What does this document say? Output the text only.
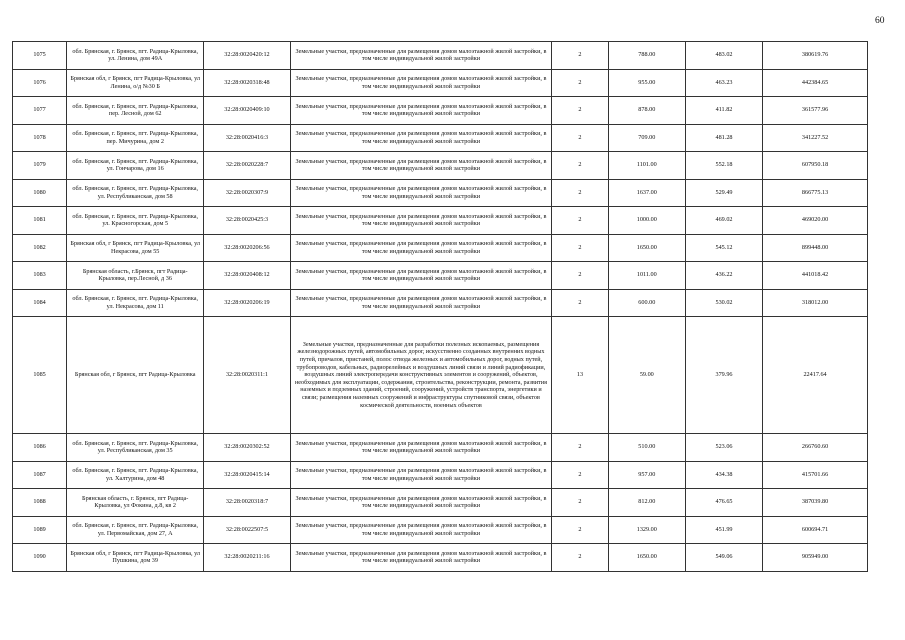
60
1075	обл. Брянская, г. Брянск, пгт. Радица-Крыловка, ул. Ленина, дом 49А	32:28:0020420:12	Земельные участки, предназначенные для размещения домов малоэтажной жилой застройки, в том числе индивидуальной жилой застройки	2	788.00	483.02	380619.76
1076	Брянская обл, г Брянск, пгт Радица-Крыловка, ул Ленина, о/д №30 Б	32:28:0020318:48	Земельные участки, предназначенные для размещения домов малоэтажной жилой застройки, в том числе индивидуальной жилой застройки	2	955.00	463.23	442384.65
1077	обл. Брянская, г. Брянск, пгт. Радица-Крыловка, пер. Лесной, дом 62	32:28:0020409:10	Земельные участки, предназначенные для размещения домов малоэтажной жилой застройки, в том числе индивидуальной жилой застройки	2	878.00	411.82	361577.96
1078	обл. Брянская, г. Брянск, пгт. Радица-Крыловка, пер. Мичурина, дом 2	32:28:0020416:3	Земельные участки, предназначенные для размещения домов малоэтажной жилой застройки, в том числе индивидуальной жилой застройки	2	709.00	481.28	341227.52
1079	обл. Брянская, г. Брянск, пгт. Радица-Крыловка, ул. Гончарова, дом 16	32:28:0020228:7	Земельные участки, предназначенные для размещения домов малоэтажной жилой застройки, в том числе индивидуальной жилой застройки	2	1101.00	552.18	607950.18
1080	обл. Брянская, г. Брянск, пгт. Радица-Крыловка, ул. Республиканская, дом 58	32:28:0020307:9	Земельные участки, предназначенные для размещения домов малоэтажной жилой застройки, в том числе индивидуальной жилой застройки	2	1637.00	529.49	866775.13
1081	обл. Брянская, г. Брянск, пгт. Радица-Крыловка, ул. Красногорская, дом 5	32:28:0020425:3	Земельные участки, предназначенные для размещения домов малоэтажной жилой застройки, в том числе индивидуальной жилой застройки	2	1000.00	469.02	469020.00
1082	Брянская обл, г Брянск, пгт Радица-Крыловка, ул Некрасова, дом 55	32:28:0020206:56	Земельные участки, предназначенные для размещения домов малоэтажной жилой застройки, в том числе индивидуальной жилой застройки	2	1650.00	545.12	899448.00
1083	Брянская область, г.Брянск, пгт Радица-Крыловка, пер.Лесной, д 36	32:28:0020408:12	Земельные участки, предназначенные для размещения домов малоэтажной жилой застройки, в том числе индивидуальной жилой застройки	2	1011.00	436.22	441018.42
1084	обл. Брянская, г. Брянск, пгт. Радица-Крыловка, ул. Некрасова, дом 11	32:28:0020206:19	Земельные участки, предназначенные для размещения домов малоэтажной жилой застройки, в том числе индивидуальной жилой застройки	2	600.00	530.02	318012.00
1085	Брянская обл, г Брянск, пгт Радица-Крыловка	32:28:0020311:1	Земельные участки, предназначенные для разработки полезных ископаемых, размещения железнодорожных путей, автомобильных дорог, искусственно созданных внутренних водных путей, причалов, пристаней, полос отвода железных и автомобильных дорог, водных путей, трубопроводов, кабельных, радиорелейных и воздушных линий связи и линий радиофикации, воздушных линий электропередачи конструктивных элементов и сооружений, объектов, необходимых для эксплуатации, содержания, строительства, реконструкции, ремонта, развития наземных и подземных зданий, строений, сооружений, устройств транспорта, энергетики и связи; размещения наземных сооружений и инфраструктуры спутниковой связи, объектов космической деятельности, военных объектов	13	59.00	379.96	22417.64
1086	обл. Брянская, г. Брянск, пгт. Радица-Крыловка, ул. Республиканская, дом 35	32:28:0020302:52	Земельные участки, предназначенные для размещения домов малоэтажной жилой застройки, в том числе индивидуальной жилой застройки	2	510.00	523.06	266760.60
1087	обл. Брянская, г. Брянск, пгт. Радица-Крыловка, ул. Халтурина, дом 48	32:28:0020415:14	Земельные участки, предназначенные для размещения домов малоэтажной жилой застройки, в том числе индивидуальной жилой застройки	2	957.00	434.38	415701.66
1088	Брянская область, г. Брянск, пгт Радица-Крыловка, ул Фокина, д.8, кв 2	32:28:0020318:7	Земельные участки, предназначенные для размещения домов малоэтажной жилой застройки, в том числе индивидуальной жилой застройки	2	812.00	476.65	387039.80
1089	обл. Брянская, г. Брянск, пгт. Радица-Крыловка, ул. Первомайская, дом 27, А	32:28:0022507:5	Земельные участки, предназначенные для размещения домов малоэтажной жилой застройки, в том числе индивидуальной жилой застройки	2	1329.00	451.99	600694.71
1090	Брянская обл, г Брянск, пгт Радица-Крыловка, ул Пушкина, дом 39	32:28:0020211:16	Земельные участки, предназначенные для размещения домов малоэтажной жилой застройки, в том числе индивидуальной жилой застройки	2	1650.00	549.06	905949.00
